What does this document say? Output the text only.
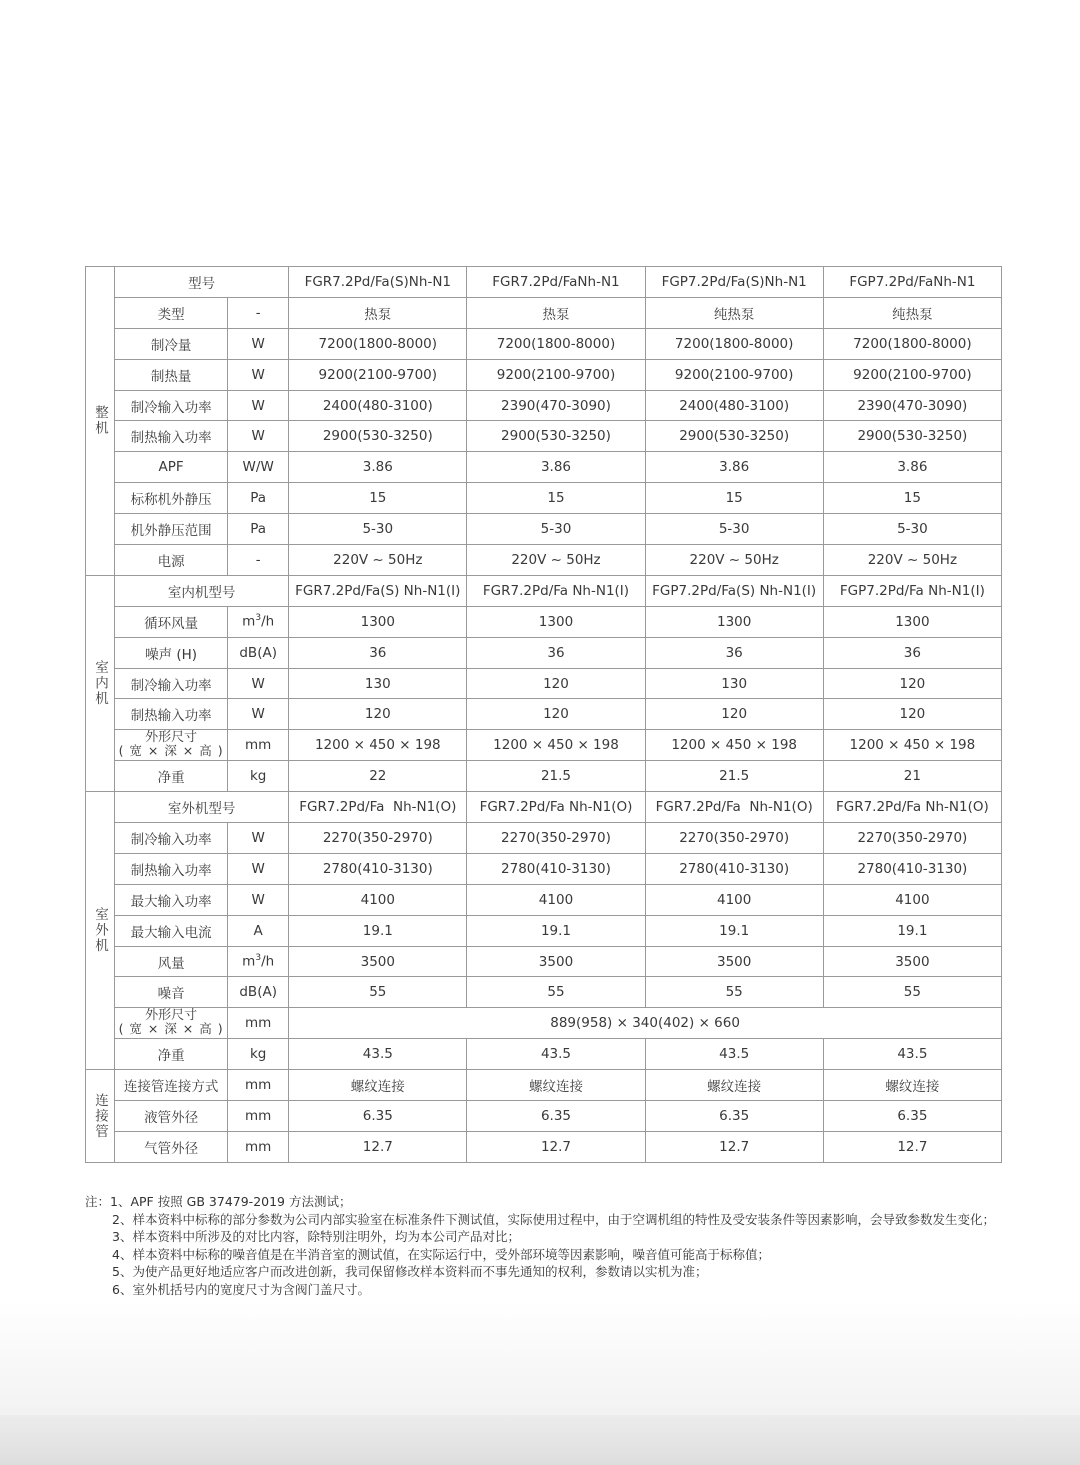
整机	型号		FGR7.2Pd/Fa(S)Nh-N1	FGR7.2Pd/FaNh-N1	FGP7.2Pd/Fa(S)Nh-N1	FGP7.2Pd/FaNh-N1
	类型	-	热泵	热泵	纯热泵	纯热泵
	制冷量	W	7200(1800-8000)	7200(1800-8000)	7200(1800-8000)	7200(1800-8000)
	制热量	W	9200(2100-9700)	9200(2100-9700)	9200(2100-9700)	9200(2100-9700)
	制冷输入功率	W	2400(480-3100)	2390(470-3090)	2400(480-3100)	2390(470-3090)
	制热输入功率	W	2900(530-3250)	2900(530-3250)	2900(530-3250)	2900(530-3250)
	APF	W/W	3.86	3.86	3.86	3.86
	标称机外静压	Pa	15	15	15	15
	机外静压范围	Pa	5-30	5-30	5-30	5-30
	电源	-	220V ~ 50Hz	220V ~ 50Hz	220V ~ 50Hz	220V ~ 50Hz
室内机	室内机型号		FGR7.2Pd/Fa(S) Nh-N1(I)	FGR7.2Pd/Fa Nh-N1(I)	FGP7.2Pd/Fa(S) Nh-N1(I)	FGP7.2Pd/Fa Nh-N1(I)
	循环风量	$m^3/h$	1300	1300	1300	1300
	噪声 (H)	dB(A)	36	36	36	36
	制冷输入功率	W	130	120	130	120
	制热输入功率	W	120	120	120	120
	外形尺寸
( 宽 × 深 × 高 )	mm	1200 × 450 × 198	1200 × 450 × 198	1200 × 450 × 198	1200 × 450 × 198
	净重	kg	22	21.5	21.5	21
室外机	室外机型号		FGR7.2Pd/Fa  Nh-N1(O)	FGR7.2Pd/Fa Nh-N1(O)	FGR7.2Pd/Fa  Nh-N1(O)	FGR7.2Pd/Fa Nh-N1(O)
	制冷输入功率	W	2270(350-2970)	2270(350-2970)	2270(350-2970)	2270(350-2970)
	制热输入功率	W	2780(410-3130)	2780(410-3130)	2780(410-3130)	2780(410-3130)
	最大输入功率	W	4100	4100	4100	4100
	最大输入电流	A	19.1	19.1	19.1	19.1
	风量	$m^3/h$	3500	3500	3500	3500
	噪音	dB(A)	55	55	55	55
	外形尺寸
( 宽 × 深 × 高 )	mm	889(958) × 340(402) × 660			
	净重	kg	43.5	43.5	43.5	43.5
连接管	连接管连接方式	mm	螺纹连接	螺纹连接	螺纹连接	螺纹连接
	液管外径	mm	6.35	6.35	6.35	6.35
	气管外径	mm	12.7	12.7	12.7	12.7
注：1、APF 按照 GB 37479-2019 方法测试；
2、样本资料中标称的部分参数为公司内部实验室在标准条件下测试值，实际使用过程中，由于空调机组的特性及受安装条件等因素影响，会导致参数发生变化；
3、样本资料中所涉及的对比内容，除特别注明外，均为本公司产品对比；
4、样本资料中标称的噪音值是在半消音室的测试值，在实际运行中，受外部环境等因素影响，噪音值可能高于标称值；
5、为使产品更好地适应客户而改进创新，我司保留修改样本资料而不事先通知的权利，参数请以实机为准；
6、室外机括号内的宽度尺寸为含阀门盖尺寸。
